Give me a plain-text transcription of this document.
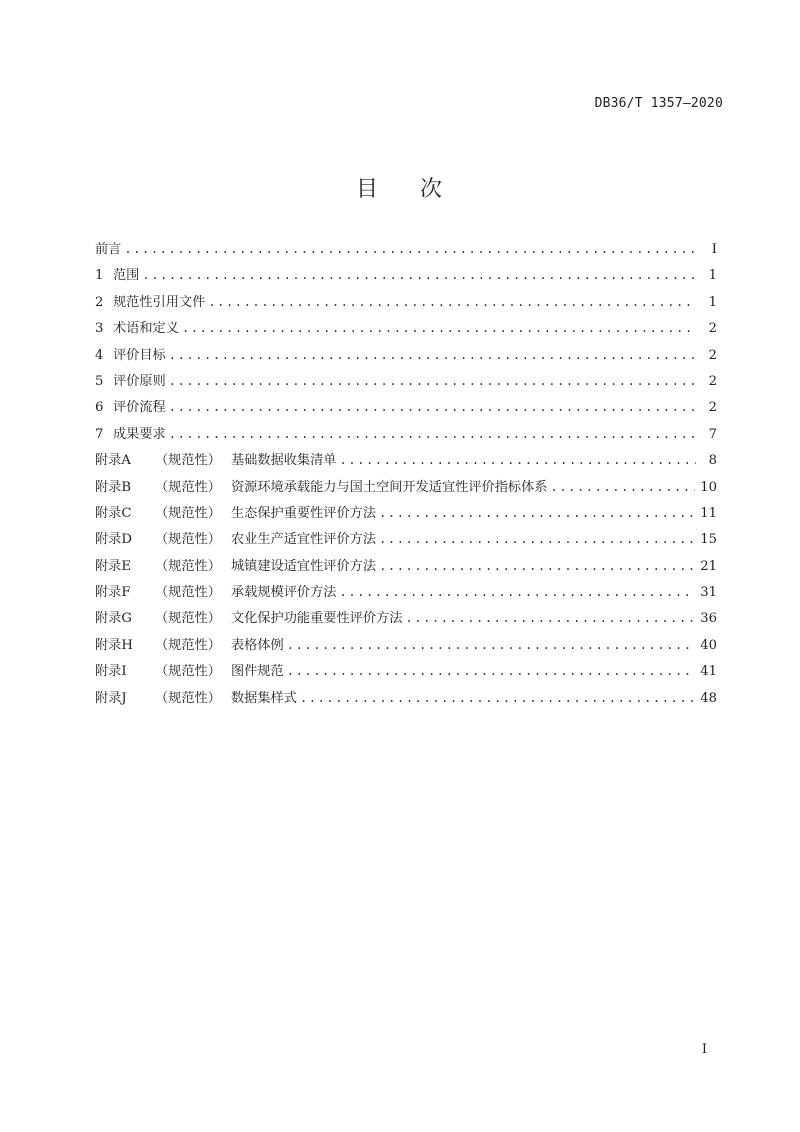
DB36/T 1357—2020
目 次
前言 .....	I
1 范围 .....	1
2 规范性引用文件 .....	1
3 术语和定义 .....	2
4 评价目标 .....	2
5 评价原则 .....	2
6 评价流程 .....	2
7 成果要求 .....	7
附录A	（规范性） 基础数据收集清单 .....	8
附录B	（规范性） 资源环境承载能力与国土空间开发适宜性评价指标体系 .....	10
附录C	（规范性） 生态保护重要性评价方法 .....	11
附录D	（规范性） 农业生产适宜性评价方法 .....	15
附录E	（规范性） 城镇建设适宜性评价方法 .....	21
附录F	（规范性） 承载规模评价方法 .....	31
附录G	（规范性） 文化保护功能重要性评价方法 .....	36
附录H	（规范性） 表格体例 .....	40
附录I	（规范性） 图件规范 .....	41
附录J	（规范性） 数据集样式 .....	48
I
